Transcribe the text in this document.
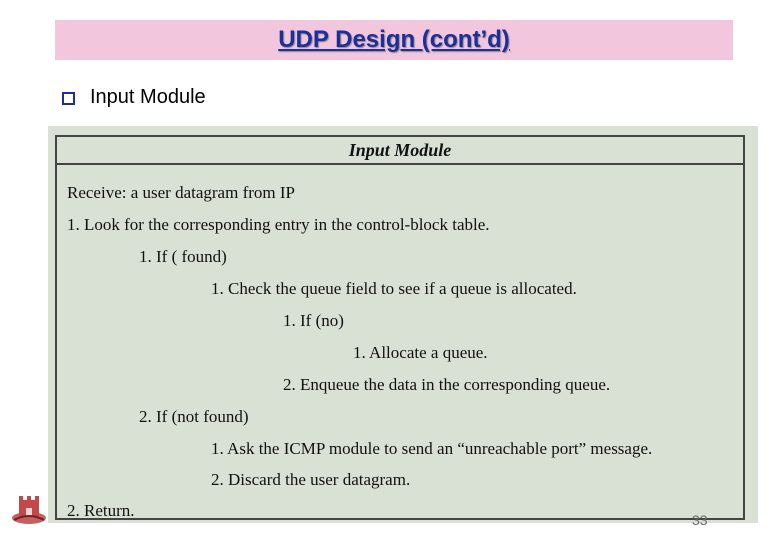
UDP Design (cont’d)
Input Module
Input Module
Receive: a user datagram from IP
1. Look for the corresponding entry in the control-block table.
1. If ( found)
1. Check the queue field to see if a queue is allocated.
1. If (no)
1. Allocate a queue.
2. Enqueue the data in the corresponding queue.
2. If (not found)
1. Ask the ICMP module to send an “unreachable port” message.
2. Discard the user datagram.
2. Return.	33
